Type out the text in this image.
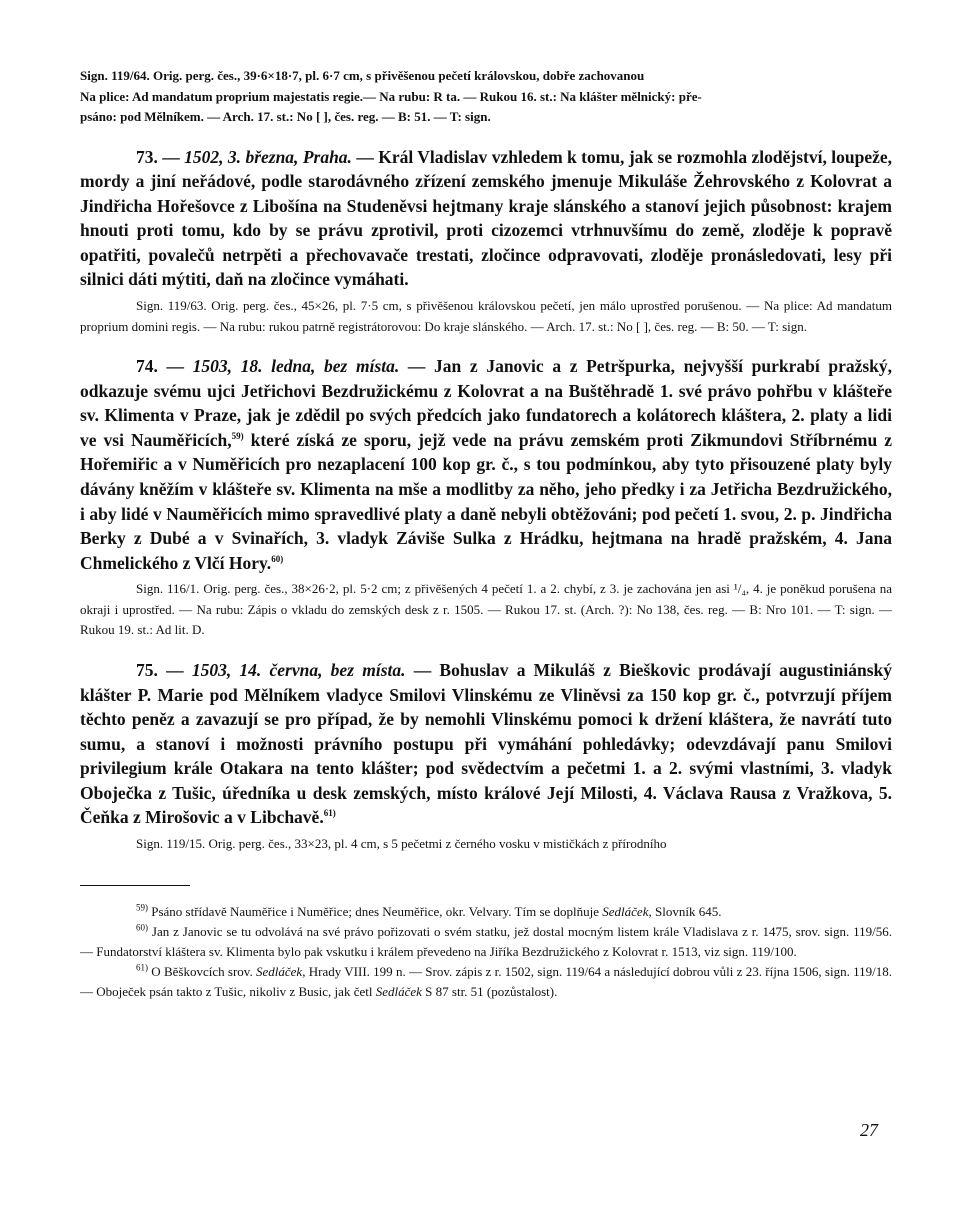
Sign. 119/64. Orig. perg. čes., 39·6×18·7, pl. 6·7 cm, s přivěšenou pečetí královskou, dobře zachovanou
Na plice: Ad mandatum proprium majestatis regie.— Na rubu: R ta. — Rukou 16. st.: Na klášter mělnický: pře-
psáno: pod Mělníkem. — Arch. 17. st.: No [ ], čes. reg. — B: 51. — T: sign.
73. — 1502, 3. března, Praha. — Král Vladislav vzhledem k tomu, jak se rozmohla zlodějství, loupeže, mordy a jiní neřádové, podle starodávného zřízení zemského jmenuje Mikuláše Žehrovského z Kolovrat a Jindřicha Hořešovce z Libošína na Studeněvsi hejtmany kraje slánského a stanoví jejich působnost: krajem hnouti proti tomu, kdo by se právu zprotivil, proti cizozemci vtrhnuvšímu do země, zloděje k popravě opatřiti, povalečů netrpěti a přechovavače trestati, zločince odpravovati, zloděje pronásledovati, lesy při silnici dáti mýtiti, daň na zločince vymáhati.
Sign. 119/63. Orig. perg. čes., 45×26, pl. 7·5 cm, s přivěšenou královskou pečetí, jen málo uprostřed porušenou. — Na plice: Ad mandatum proprium domini regis. — Na rubu: rukou patrně registrátorovou: Do kraje slánského. — Arch. 17. st.: No [ ], čes. reg. — B: 50. — T: sign.
74. — 1503, 18. ledna, bez místa. — Jan z Janovic a z Petršpurka, nejvyšší purkrabí pražský, odkazuje svému ujci Jetřichovi Bezdružickému z Kolovrat a na Buštěhradě 1. své právo pohřbu v klášteře sv. Klimenta v Praze, jak je zdědil po svých předcích jako fundatorech a kolátorech kláštera, 2. platy a lidi ve vsi Nauměřicích,$^{59)}$ které získá ze sporu, jejž vede na právu zemském proti Zikmundovi Stříbrnému z Hořemiřic a v Numěřicích pro nezaplacení 100 kop gr. č., s tou podmínkou, aby tyto přisouzené platy byly dávány kněžím v klášteře sv. Klimenta na mše a modlitby za něho, jeho předky i za Jetřicha Bezdružického, i aby lidé v Nauměřicích mimo spravedlivé platy a daně nebyli obtěžováni; pod pečetí 1. svou, 2. p. Jindřicha Berky z Dubé a v Svinařích, 3. vladyk Záviše Sulka z Hrádku, hejtmana na hradě pražském, 4. Jana Chmelického z Vlčí Hory.$^{60)}$
Sign. 116/1. Orig. perg. čes., 38×26·2, pl. 5·2 cm; z přivěšených 4 pečetí 1. a 2. chybí, z 3. je zachována jen asi ¹/₄, 4. je poněkud porušena na okraji i uprostřed. — Na rubu: Zápis o vkladu do zemských desk z r. 1505. — Rukou 17. st. (Arch. ?): No 138, čes. reg. — B: Nro 101. — T: sign. — Rukou 19. st.: Ad lit. D.
75. — 1503, 14. června, bez místa. — Bohuslav a Mikuláš z Bieškovic prodávají augustiniánský klášter P. Marie pod Mělníkem vladyce Smilovi Vlinskému ze Vliněvsi za 150 kop gr. č., potvrzují příjem těchto peněz a zavazují se pro případ, že by nemohli Vlinskému pomoci k držení kláštera, že navrátí tuto sumu, a stanoví i možnosti právního postupu při vymáhání pohledávky; odevzdávají panu Smilovi privilegium krále Otakara na tento klášter; pod svědectvím a pečetmi 1. a 2. svými vlastními, 3. vladyk Oboječka z Tušic, úředníka u desk zemských, místo králové Její Milosti, 4. Václava Rausa z Vražkova, 5. Čeňka z Mirošovic a v Libchavě.$^{61)}$
Sign. 119/15. Orig. perg. čes., 33×23, pl. 4 cm, s 5 pečetmi z černého vosku v mističkách z přírodního
$^{59)}$ Psáno střídavě Nauměřice i Numěřice; dnes Neuměřice, okr. Velvary. Tím se doplňuje Sedláček, Slovník 645.
$^{60)}$ Jan z Janovic se tu odvolává na své právo pořizovati o svém statku, jež dostal mocným listem krále Vladislava z r. 1475, srov. sign. 119/56. — Fundatorství kláštera sv. Klimenta bylo pak vskutku i králem převedeno na Jiříka Bezdružického z Kolovrat r. 1513, viz sign. 119/100.
$^{61)}$ O Běškovcích srov. Sedláček, Hrady VIII. 199 n. — Srov. zápis z r. 1502, sign. 119/64 a následující dobrou vůli z 23. října 1506, sign. 119/18. — Oboječek psán takto z Tušic, nikoliv z Busic, jak četl Sedláček S 87 str. 51 (pozůstalost).
27
